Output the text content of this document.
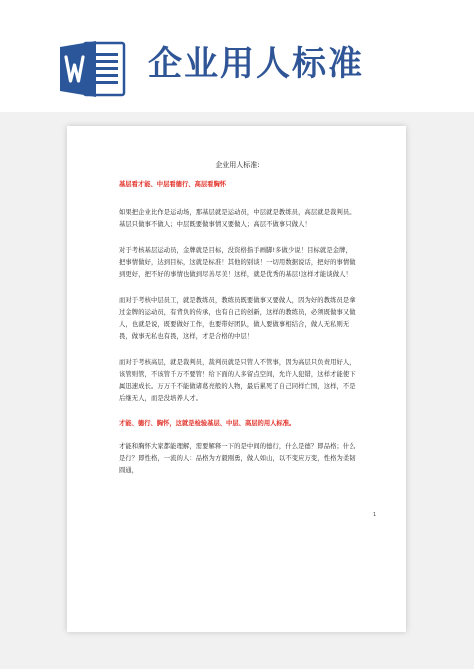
企业用人标准
企业用人标准:
基层看才能、中层看德行、高层看胸怀
如果把企业比作是运动场，那基层就是运动员，中层就是教练员，高层就是裁判员。基层只做事不做人；中层既要做事情又要做人；高层不做事只做人！
对于考核基层运动员，金牌就是目标，没资格指手画脚!多做少说！目标就是金牌，把事情做好，达到目标，这就是标准！其他的别谈！一切用数据说话，把好的事情做到更好，把不好的事情也做到尽善尽美！这样，就是优秀的基层!这样才能谈做人！
而对于考核中层员工，就是教练员，教练员既要做事又要做人，因为好的教练员是拿过金牌的运动员，有背负的传承，也有自己的创新，这样的教练员，必须既做事又做人，也就是说，既要做好工作，也要带好团队，做人要做事相结合，做人无私则无畏，做事无私也有畏，这样，才是合格的中层！
而对于考核高层，就是裁判员，裁判员就是只管人不管事，因为高层只负责用好人，该管则管，不该管千万不要管！给下面的人多留点空间，允许人犯错，这样才能使下属迅速成长。万万千不能做诸葛亮般的人物，最后累死了自己同样亡国，这样，不是后继无人，而是没培养人才。
才能、德行、胸怀，这就是检验基层、中层、高层的用人标准。
才能和胸怀大家都能理解，需要解释一下的是中间的德行，什么是德？即品格；什么是行？即性格，一流的人：品格为方毅刚勇，做人如山，以不变应万变，性格为柔韧圆通，
1
